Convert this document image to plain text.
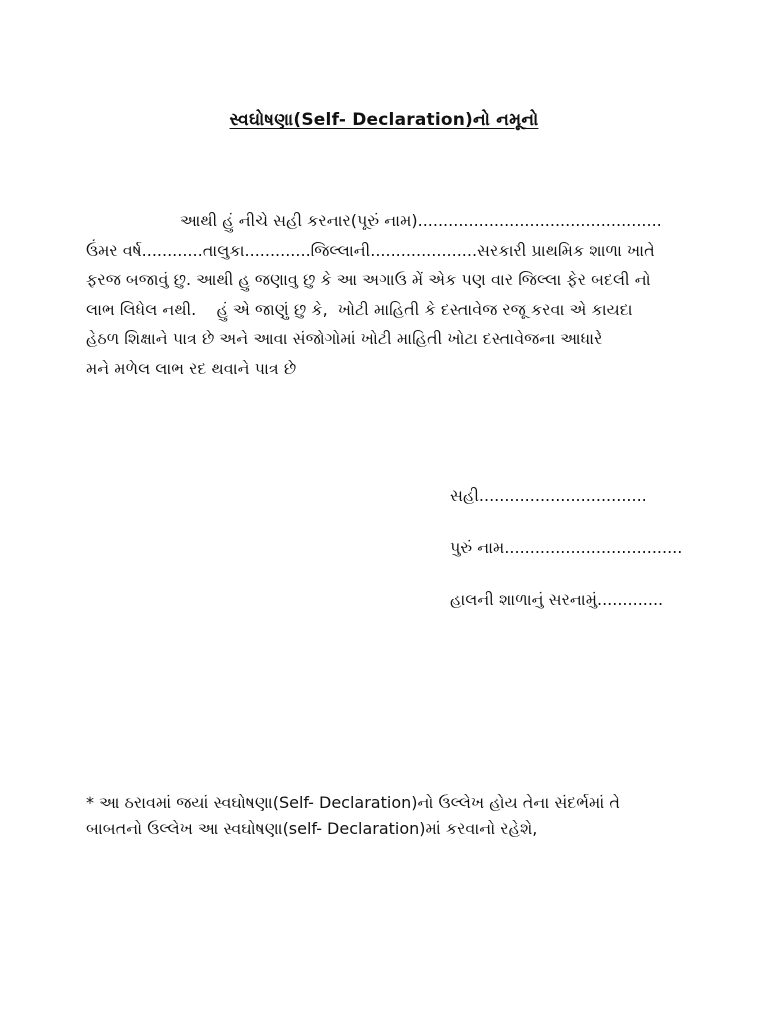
સ્વઘોષણા(Self- Declaration)નો નમૂનો

આથી હું નીચે સહી કરનાર(પૂરું નામ)................................................

ઉંમર વર્ષ............તાલુકા.............જિલ્લાની.....................સરકારી પ્રાથમિક શાળા ખાતે

ફરજ બજાવું છુ. આથી હુ જણાવુ છુ કે આ અગાઉ મેં એક પણ વાર જિલ્લા ફેર બદલી નો

લાભ લિધેલ નથી.    હું એ જાણું છુ કે,  ખોટી માહિતી કે દસ્તાવેજ રજૂ કરવા એ કાયદા

હેઠળ શિક્ષાને પાત્ર છે અને આવા સંજોગોમાં ખોટી માહિતી ખોટા દસ્તાવેજના આધારે

મને મળેલ લાભ રદ થવાને પાત્ર છે

સહી.................................
પુરું નામ...................................
હાલની શાળાનું સરનામું.............

* આ ઠરાવમાં જયાં સ્વઘોષણા(Self- Declaration)નો ઉલ્લેખ હોય તેના સંદર્ભમાં તે

બાબતનો ઉલ્લેખ આ સ્વઘોષણા(self- Declaration)માં કરવાનો રહેશે,
